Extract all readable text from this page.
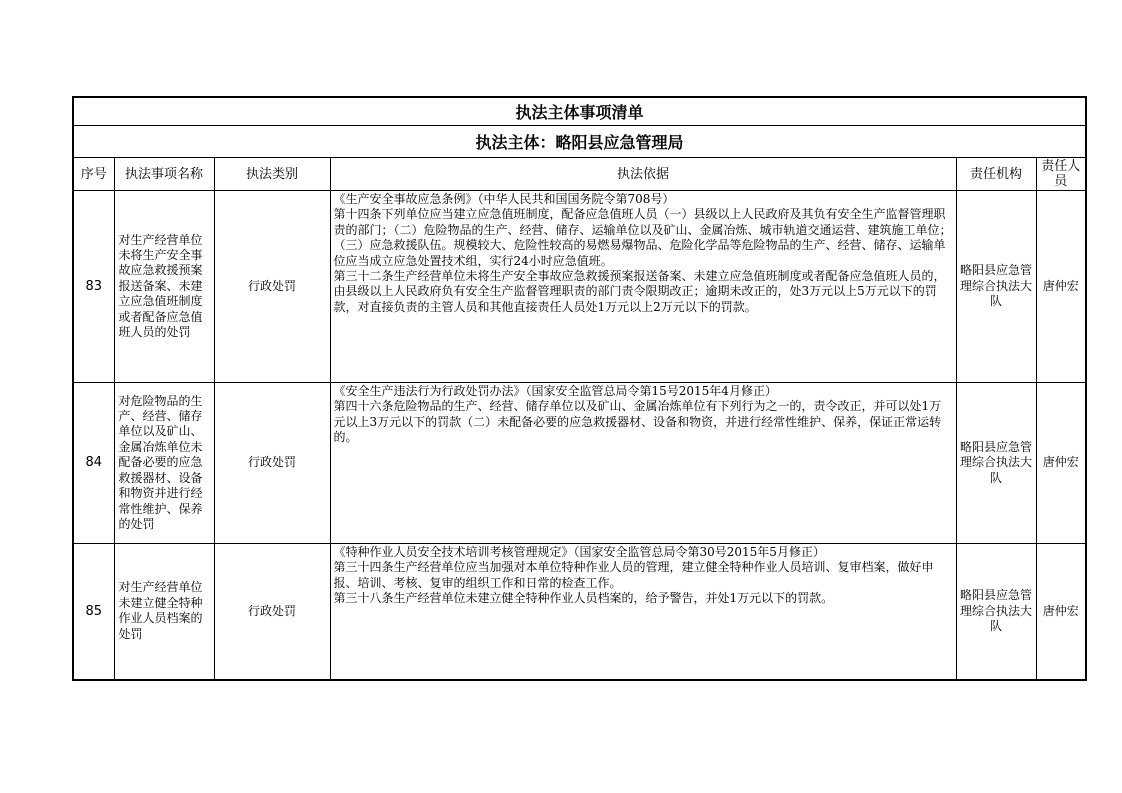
执法主体事项清单					
执法主体：略阳县应急管理局					
序号	执法事项名称	执法类别	执法依据	责任机构	责任人员
83	对生产经营单位未将生产安全事故应急救援预案报送备案、未建立应急值班制度或者配备应急值班人员的处罚	行政处罚	《生产安全事故应急条例》（中华人民共和国国务院令第708号）

第十四条下列单位应当建立应急值班制度，配备应急值班人员（一）县级以上人民政府及其负有安全生产监督管理职责的部门；（二）危险物品的生产、经营、储存、运输单位以及矿山、金属冶炼、城市轨道交通运营、建筑施工单位；（三）应急救援队伍。规模较大、危险性较高的易燃易爆物品、危险化学品等危险物品的生产、经营、储存、运输单位应当成立应急处置技术组，实行24小时应急值班。

第三十二条生产经营单位未将生产安全事故应急救援预案报送备案、未建立应急值班制度或者配备应急值班人员的，由县级以上人民政府负有安全生产监督管理职责的部门责令限期改正；逾期未改正的，处3万元以上5万元以下的罚款，对直接负责的主管人员和其他直接责任人员处1万元以上2万元以下的罚款。	略阳县应急管理综合执法大队	唐仲宏
84	对危险物品的生产、经营、储存单位以及矿山、金属冶炼单位未配备必要的应急救援器材、设备和物资并进行经常性维护、保养的处罚	行政处罚	《安全生产违法行为行政处罚办法》（国家安全监管总局令第15号2015年4月修正）

第四十六条危险物品的生产、经营、储存单位以及矿山、金属冶炼单位有下列行为之一的，责令改正，并可以处1万元以上3万元以下的罚款（二）未配备必要的应急救援器材、设备和物资，并进行经常性维护、保养，保证正常运转的。	略阳县应急管理综合执法大队	唐仲宏
85	对生产经营单位未建立健全特种作业人员档案的处罚	行政处罚	《特种作业人员安全技术培训考核管理规定》（国家安全监管总局令第30号2015年5月修正）

第三十四条生产经营单位应当加强对本单位特种作业人员的管理，建立健全特种作业人员培训、复审档案，做好申报、培训、考核、复审的组织工作和日常的检查工作。

第三十八条生产经营单位未建立健全特种作业人员档案的，给予警告，并处1万元以下的罚款。	略阳县应急管理综合执法大队	唐仲宏
